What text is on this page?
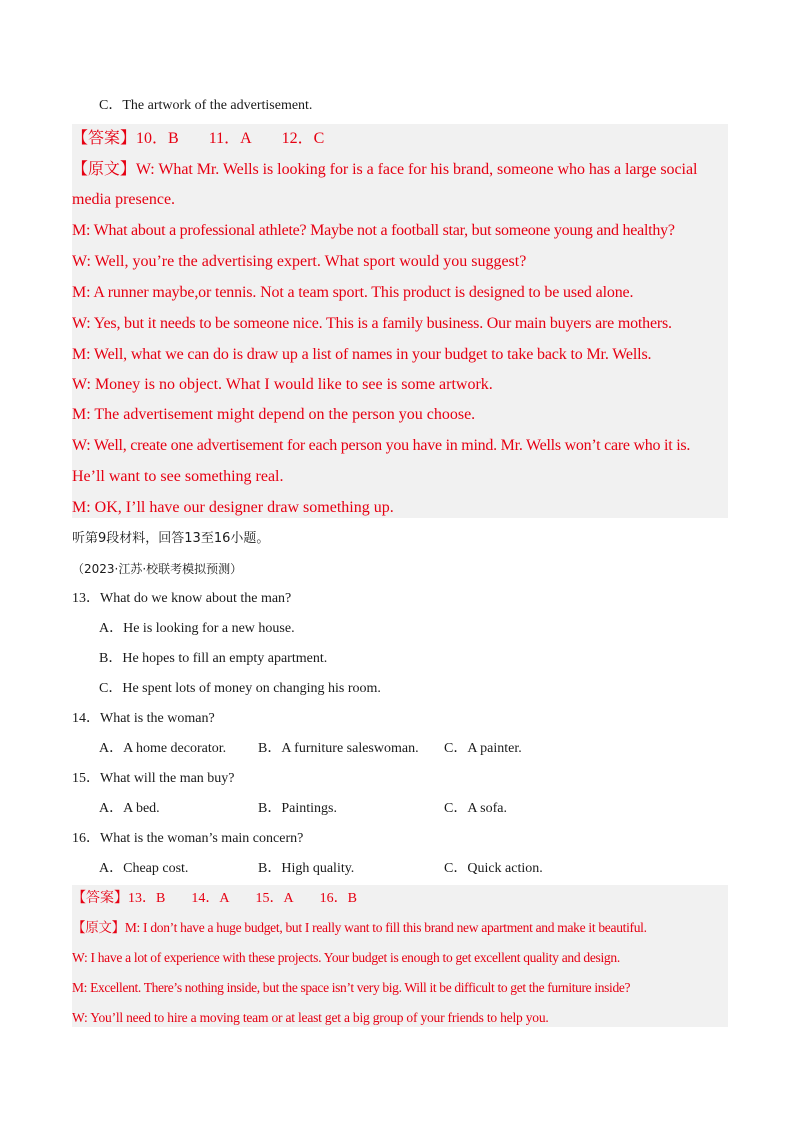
C．The artwork of the advertisement.
【答案】10．B 11．A 12．C
【原文】W: What Mr. Wells is looking for is a face for his brand, someone who has a large social
media presence.
M: What about a professional athlete? Maybe not a football star, but someone young and healthy?
W: Well, you’re the advertising expert. What sport would you suggest?
M: A runner maybe,or tennis. Not a team sport. This product is designed to be used alone.
W: Yes, but it needs to be someone nice. This is a family business. Our main buyers are mothers.
M: Well, what we can do is draw up a list of names in your budget to take back to Mr. Wells.
W: Money is no object. What I would like to see is some artwork.
M: The advertisement might depend on the person you choose.
W: Well, create one advertisement for each person you have in mind. Mr. Wells won’t care who it is.
He’ll want to see something real.
M: OK, I’ll have our designer draw something up.
听第9段材料，回答13至16小题。
（2023·江苏·校联考模拟预测）
13．What do we know about the man?
A．He is looking for a new house.
B．He hopes to fill an empty apartment.
C．He spent lots of money on changing his room.
14．What is the woman?
A．A home decorator. B．A furniture saleswoman. C．A painter.
15．What will the man buy?
A．A bed.	B．Paintings.	C．A sofa.
16．What is the woman’s main concern?
A．Cheap cost.	B．High quality.	C．Quick action.
【答案】13．B 14．A 15．A 16．B
【原文】M: I don’t have a huge budget, but I really want to fill this brand new apartment and make it beautiful.
W: I have a lot of experience with these projects. Your budget is enough to get excellent quality and design.
M: Excellent. There’s nothing inside, but the space isn’t very big. Will it be difficult to get the furniture inside?
W: You’ll need to hire a moving team or at least get a big group of your friends to help you.
